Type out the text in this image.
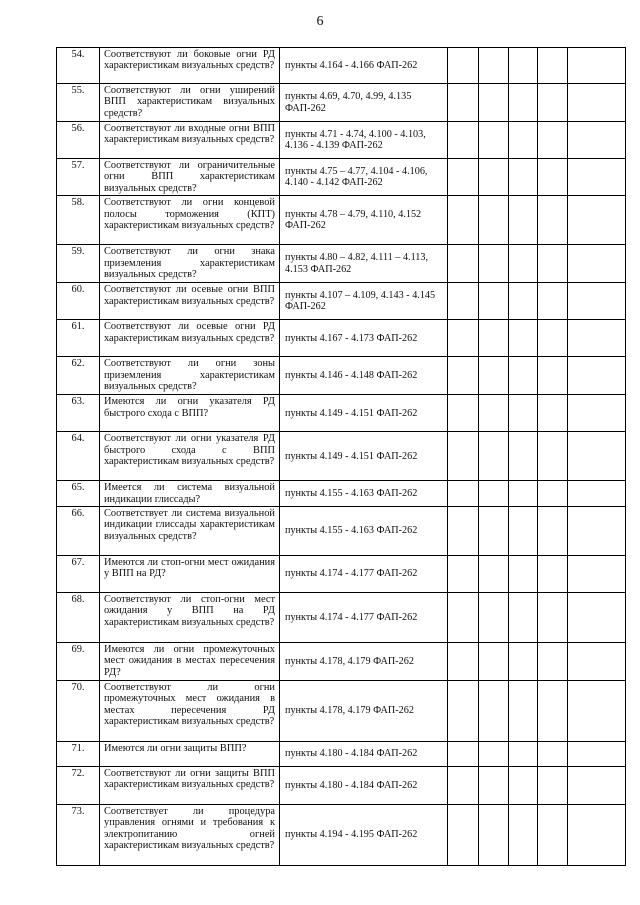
6
54.	Соответствуют ли боковые огни РД характеристикам визуальных средств?	пункты 4.164 - 4.166 ФАП-262					
55.	Соответствуют ли огни уширений ВПП характеристикам визуальных средств?	пункты 4.69, 4.70, 4.99, 4.135 ФАП-262					
56.	Соответствуют ли входные огни ВПП характеристикам визуальных средств?	пункты 4.71 - 4.74, 4.100 - 4.103, 4.136 - 4.139 ФАП-262					
57.	Соответствуют ли ограничительные огни ВПП характеристикам визуальных средств?	пункты 4.75 – 4.77, 4.104 - 4.106, 4.140 - 4.142 ФАП-262					
58.	Соответствуют ли огни концевой полосы торможения (КПТ) характеристикам визуальных средств?	пункты 4.78 – 4.79, 4.110, 4.152 ФАП-262					
59.	Соответствуют ли огни знака приземления характеристикам визуальных средств?	пункты 4.80 – 4.82, 4.111 – 4.113, 4.153 ФАП-262					
60.	Соответствуют ли осевые огни ВПП характеристикам визуальных средств?	пункты 4.107 – 4.109, 4.143 - 4.145 ФАП-262					
61.	Соответствуют ли осевые огни РД характеристикам визуальных средств?	пункты 4.167 - 4.173 ФАП-262					
62.	Соответствуют ли огни зоны приземления характеристикам визуальных средств?	пункты 4.146 - 4.148 ФАП-262					
63.	Имеются ли огни указателя РД быстрого схода с ВПП?	пункты 4.149 - 4.151 ФАП-262					
64.	Соответствуют ли огни указателя РД быстрого схода с ВПП характеристикам визуальных средств?	пункты 4.149 - 4.151 ФАП-262					
65.	Имеется ли система визуальной индикации глиссады?	пункты 4.155 - 4.163 ФАП-262					
66.	Соответствует ли система визуальной индикации глиссады характеристикам визуальных средств?	пункты 4.155 - 4.163 ФАП-262					
67.	Имеются ли стоп-огни мест ожидания у ВПП на РД?	пункты 4.174 - 4.177 ФАП-262					
68.	Соответствуют ли стоп-огни мест ожидания у ВПП на РД характеристикам визуальных средств?	пункты 4.174 - 4.177 ФАП-262					
69.	Имеются ли огни промежуточных мест ожидания в местах пересечения РД?	пункты 4.178, 4.179 ФАП-262					
70.	Соответствуют ли огни промежуточных мест ожидания в местах пересечения РД характеристикам визуальных средств?	пункты 4.178, 4.179 ФАП-262					
71.	Имеются ли огни защиты ВПП?	пункты 4.180 - 4.184 ФАП-262					
72.	Соответствуют ли огни защиты ВПП характеристикам визуальных средств?	пункты 4.180 - 4.184 ФАП-262					
73.	Соответствует ли процедура управления огнями и требования к электропитанию огней характеристикам визуальных средств?	пункты 4.194 - 4.195 ФАП-262					
